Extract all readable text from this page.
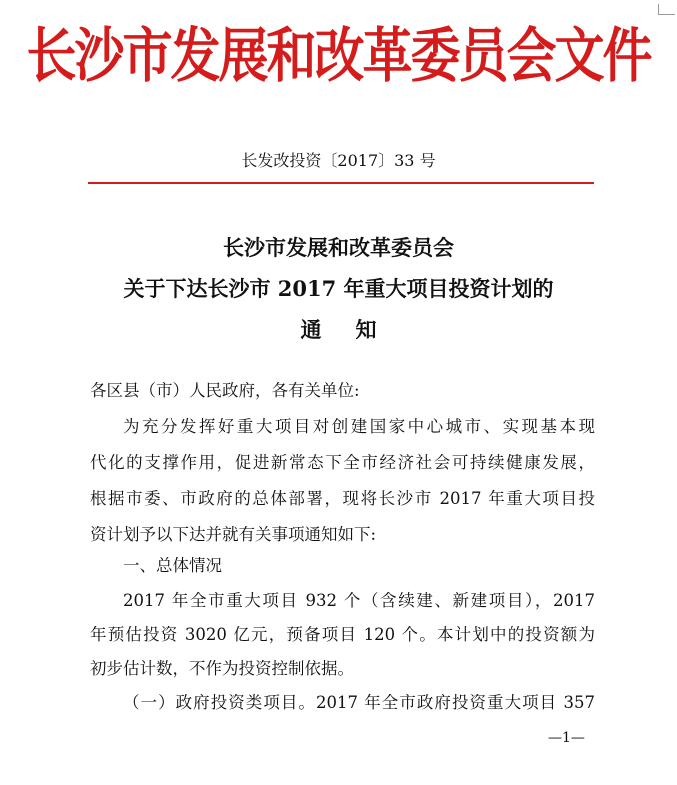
长沙市发展和改革委员会文件
长发改投资〔2017〕33 号
长沙市发展和改革委员会
关于下达长沙市 2017 年重大项目投资计划的
通知
各区县（市）人民政府，各有关单位:
为充分发挥好重大项目对创建国家中心城市、实现基本现
代化的支撑作用，促进新常态下全市经济社会可持续健康发展，
根据市委、市政府的总体部署，现将长沙市 2017 年重大项目投
资计划予以下达并就有关事项通知如下:
一、总体情况
2017 年全市重大项目 932 个（含续建、新建项目），2017
年预估投资 3020 亿元，预备项目 120 个。本计划中的投资额为
初步估计数，不作为投资控制依据。
（一）政府投资类项目。2017 年全市政府投资重大项目 357
—1—
